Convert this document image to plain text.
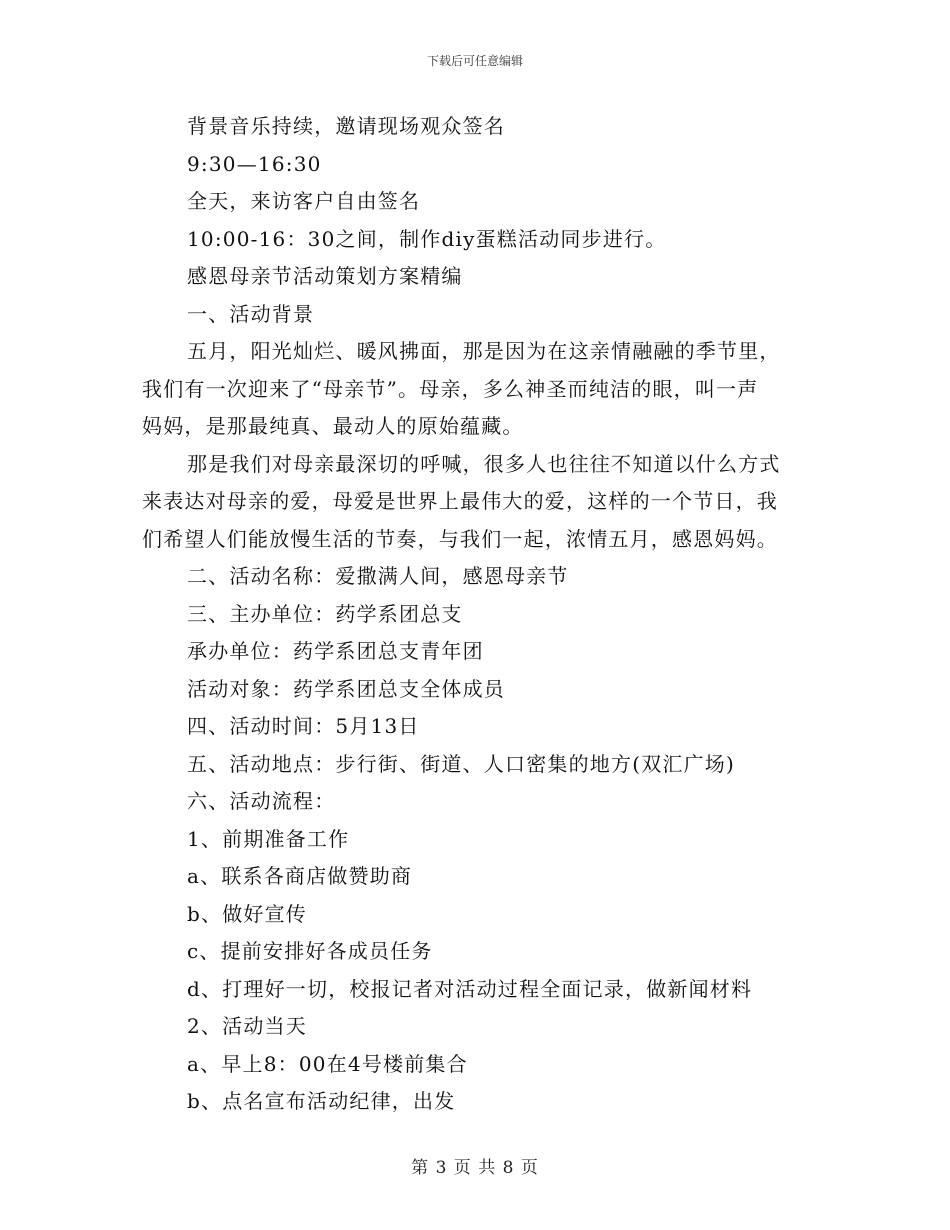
下载后可任意编辑
背景音乐持续，邀请现场观众签名
9:30—16:30
全天，来访客户自由签名
10:00-16：30之间，制作diy蛋糕活动同步进行。
感恩母亲节活动策划方案精编
一、活动背景
五月，阳光灿烂、暖风拂面，那是因为在这亲情融融的季节里，
我们有一次迎来了“母亲节”。母亲，多么神圣而纯洁的眼，叫一声
妈妈，是那最纯真、最动人的原始蕴藏。
那是我们对母亲最深切的呼喊，很多人也往往不知道以什么方式
来表达对母亲的爱，母爱是世界上最伟大的爱，这样的一个节日，我
们希望人们能放慢生活的节奏，与我们一起，浓情五月，感恩妈妈。
二、活动名称：爱撒满人间，感恩母亲节
三、主办单位：药学系团总支
承办单位：药学系团总支青年团
活动对象：药学系团总支全体成员
四、活动时间：5月13日
五、活动地点：步行街、街道、人口密集的地方(双汇广场)
六、活动流程：
1、前期准备工作
a、联系各商店做赞助商
b、做好宣传
c、提前安排好各成员任务
d、打理好一切，校报记者对活动过程全面记录，做新闻材料
2、活动当天
a、早上8：00在4号楼前集合
b、点名宣布活动纪律，出发
第 3 页 共 8 页
